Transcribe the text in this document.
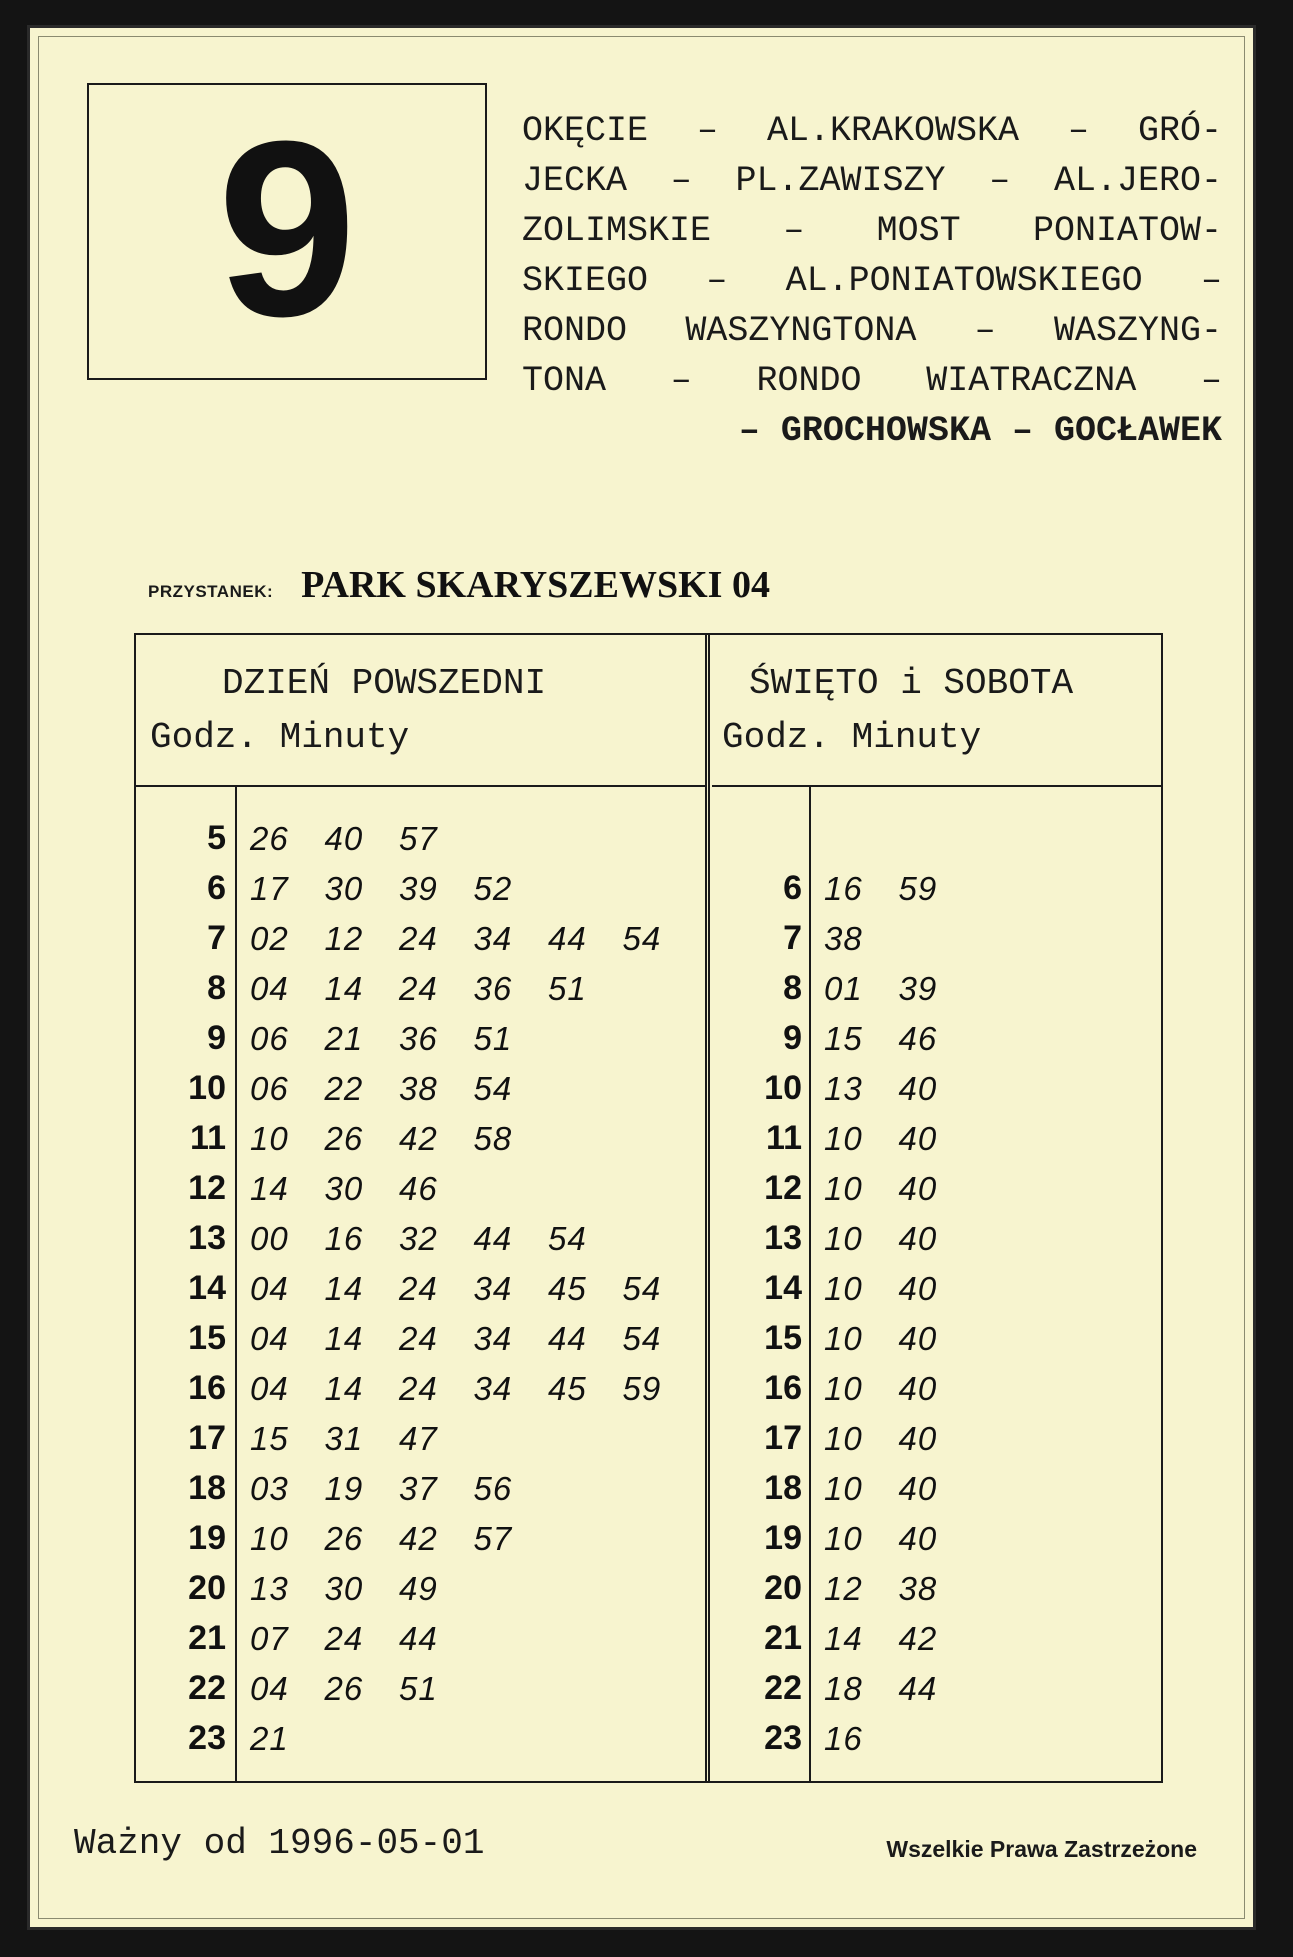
9	OKĘCIE – AL.KRAKOWSKA – GRÓ-
JECKA – PL.ZAWISZY – AL.JERO-
ZOLIMSKIE – MOST PONIATOW-
SKIEGO – AL.PONIATOWSKIEGO –
RONDO WASZYNGTONA – WASZYNG-
TONA – RONDO WIATRACZNA –
– GROCHOWSKA – GOCŁAWEK
PRZYSTANEK: PARK SKARYSZEWSKI 04
DZIEŃ POWSZEDNI
Godz. Minuty
5 26	40	57
6 17	30	39	52
7 02	12	24	34	44	54
8 04	14	24	36	51
9 06	21	36	51
10 06	22	38	54
11 10	26	42	58
12 14	30	46
13 00	16	32	44	54
14 04	14	24	34	45	54
15 04	14	24	34	44	54
16 04	14	24	34	45	59
17 15	31	47
18 03	19	37	56
19 10	26	42	57
20 13	30	49
21 07	24	44
22 04	26	51
23 21
ŚWIĘTO i SOBOTA
Godz. Minuty
6 16	59
7 38
8 01	39
9 15	46
10 13	40
11 10	40
12 10	40
13 10	40
14 10	40
15 10	40
16 10	40
17 10	40
18 10	40
19 10	40
20 12	38
21 14	42
22 18	44
23 16
Ważny od 1996-05-01	Wszelkie Prawa Zastrzeżone
